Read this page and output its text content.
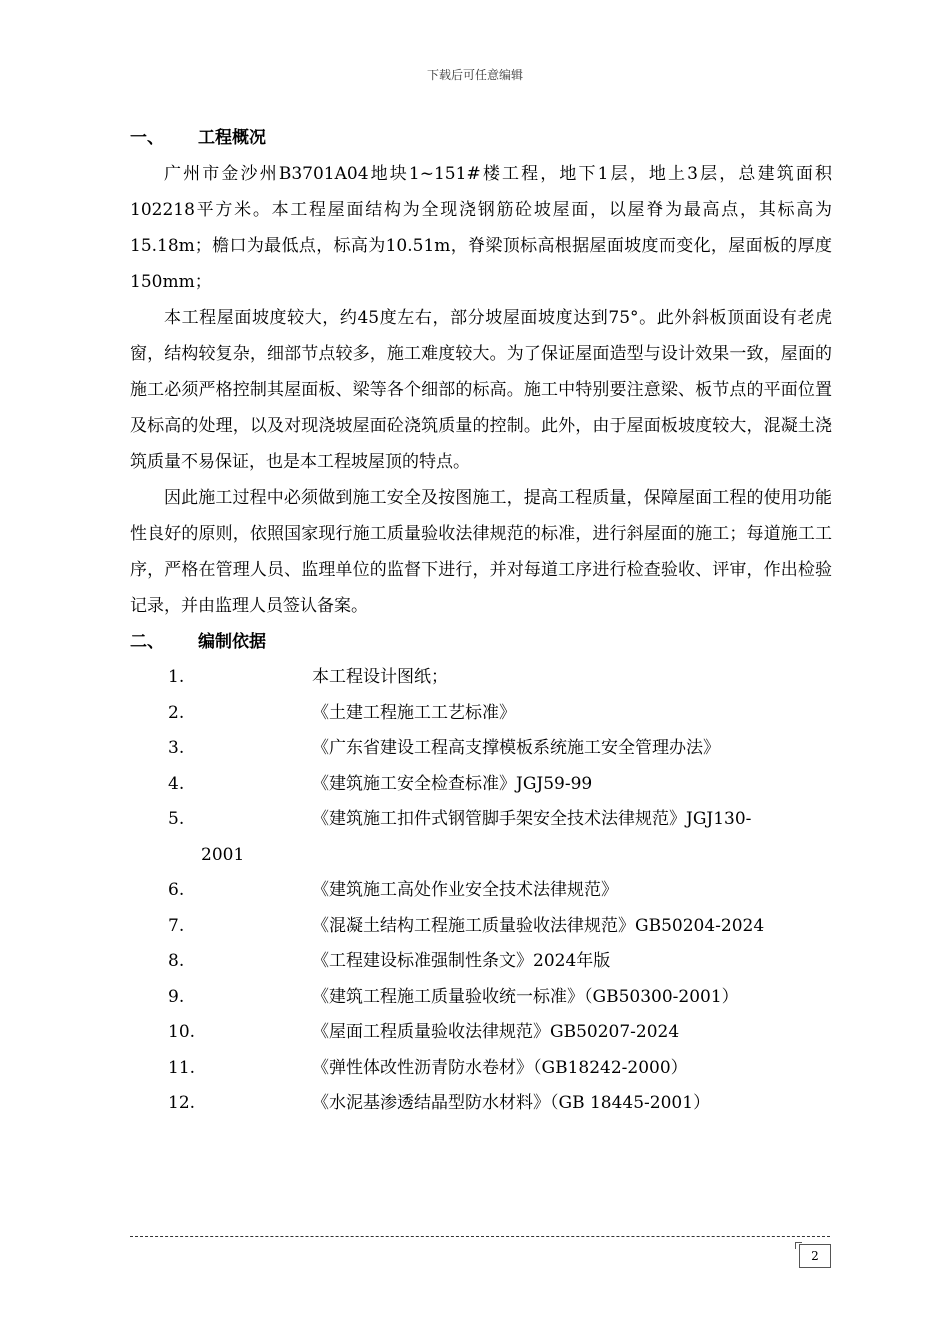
下载后可任意编辑
一、	工程概况

广州市金沙州B3701A04地块1~151#楼工程，地下1层，地上3层，总建筑面积102218平方米。本工程屋面结构为全现浇钢筋砼坡屋面，以屋脊为最高点，其标高为15.18m；檐口为最低点，标高为10.51m，脊梁顶标高根据屋面坡度而变化，屋面板的厚度150mm；

本工程屋面坡度较大，约45度左右，部分坡屋面坡度达到75°。此外斜板顶面设有老虎窗，结构较复杂，细部节点较多，施工难度较大。为了保证屋面造型与设计效果一致，屋面的施工必须严格控制其屋面板、梁等各个细部的标高。施工中特别要注意梁、板节点的平面位置及标高的处理，以及对现浇坡屋面砼浇筑质量的控制。此外，由于屋面板坡度较大，混凝土浇筑质量不易保证，也是本工程坡屋顶的特点。

因此施工过程中必须做到施工安全及按图施工，提高工程质量，保障屋面工程的使用功能性良好的原则，依照国家现行施工质量验收法律规范的标准，进行斜屋面的施工；每道施工工序，严格在管理人员、监理单位的监督下进行，并对每道工序进行检查验收、评审，作出检验记录，并由监理人员签认备案。

二、	编制依据
1.	本工程设计图纸；
2.	《土建工程施工工艺标准》
3.	《广东省建设工程高支撑模板系统施工安全管理办法》
4.	《建筑施工安全检查标准》JGJ59-99
5.	《建筑施工扣件式钢管脚手架安全技术法律规范》JGJ130-
2001
6.	《建筑施工高处作业安全技术法律规范》
7.	《混凝土结构工程施工质量验收法律规范》GB50204-2024
8.	《工程建设标准强制性条文》2024年版
9.	《建筑工程施工质量验收统一标准》（GB50300-2001）
10.	《屋面工程质量验收法律规范》GB50207-2024
11.	《弹性体改性沥青防水卷材》（GB18242-2000）
12.	《水泥基渗透结晶型防水材料》（GB 18445-2001）
2
